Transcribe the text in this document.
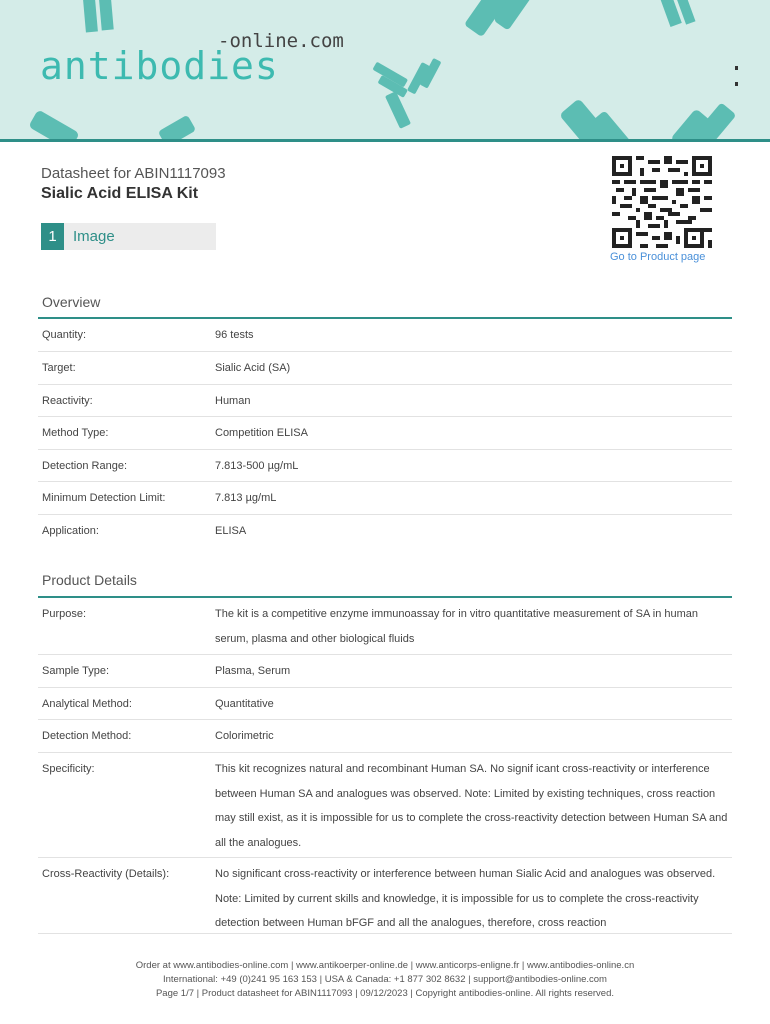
-online.com
antibodies
Datasheet for ABIN1117093
Sialic Acid ELISA Kit
1	Image
Go to Product page
Overview
Quantity:	96 tests
Target:	Sialic Acid (SA)
Reactivity:	Human
Method Type:	Competition ELISA
Detection Range:	7.813-500 µg/mL
Minimum Detection Limit:	7.813 µg/mL
Application:	ELISA
Product Details
Purpose:	The kit is a competitive enzyme immunoassay for in vitro quantitative measurement of SA in human serum, plasma and other biological fluids
Sample Type:	Plasma, Serum
Analytical Method:	Quantitative
Detection Method:	Colorimetric
Specificity:	This kit recognizes natural and recombinant Human SA. No signif icant cross-reactivity or interference between Human SA and analogues was observed. Note: Limited by existing techniques, cross reaction may still exist, as it is impossible for us to complete the cross-reactivity detection between Human SA and all the analogues.
Cross-Reactivity (Details):	No significant cross-reactivity or interference between human Sialic Acid and analogues was observed. Note: Limited by current skills and knowledge, it is impossible for us to complete the cross-reactivity detection between Human bFGF and all the analogues, therefore, cross reaction
Order at www.antibodies-online.com | www.antikoerper-online.de | www.anticorps-enligne.fr | www.antibodies-online.cn
International: +49 (0)241 95 163 153 | USA & Canada: +1 877 302 8632 | support@antibodies-online.com
Page 1/7 | Product datasheet for ABIN1117093 | 09/12/2023 | Copyright antibodies-online. All rights reserved.
